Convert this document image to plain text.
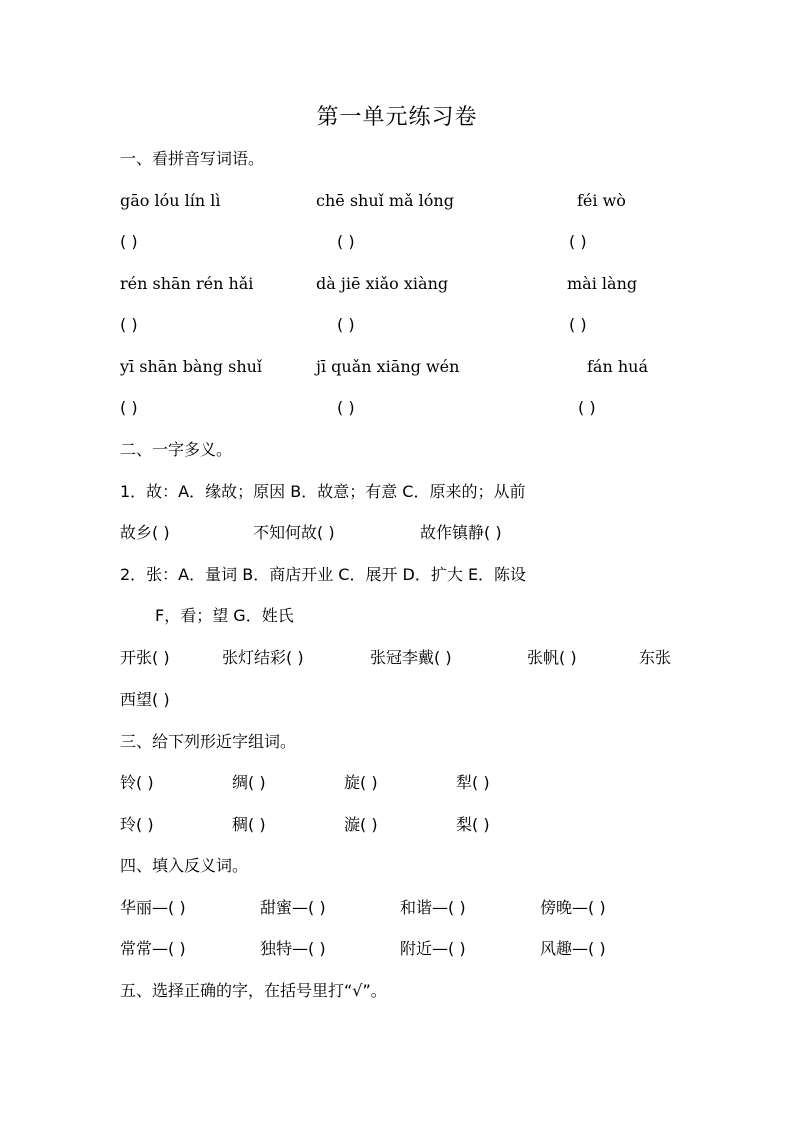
第一单元练习卷
一、看拼音写词语。
gāo lóu lín lì	chē shuǐ mǎ lóng	féi wò
( )	( )	( )
rén shān rén hǎi	dà jiē xiǎo xiàng	mài làng
( )	( )	( )
yī shān bàng shuǐ	jī quǎn xiāng wén	fán huá
( )	( )	( )
二、一字多义。
1．故：A．缘故；原因 B．故意；有意 C．原来的；从前
故乡( )	不知何故( )	故作镇静( )
2．张：A．量词 B．商店开业 C．展开 D．扩大 E．陈设
F，看；望 G．姓氏
开张( )	张灯结彩( )	张冠李戴( )	张帆( )	东张
西望( )
三、给下列形近字组词。
铃( )	绸( )	旋( )	犁( )
玲( )	稠( )	漩( )	梨( )
四、填入反义词。
华丽—( )	甜蜜—( )	和谐—( )	傍晚—( )
常常—( )	独特—( )	附近—( )	风趣—( )
五、选择正确的字，在括号里打“√”。
